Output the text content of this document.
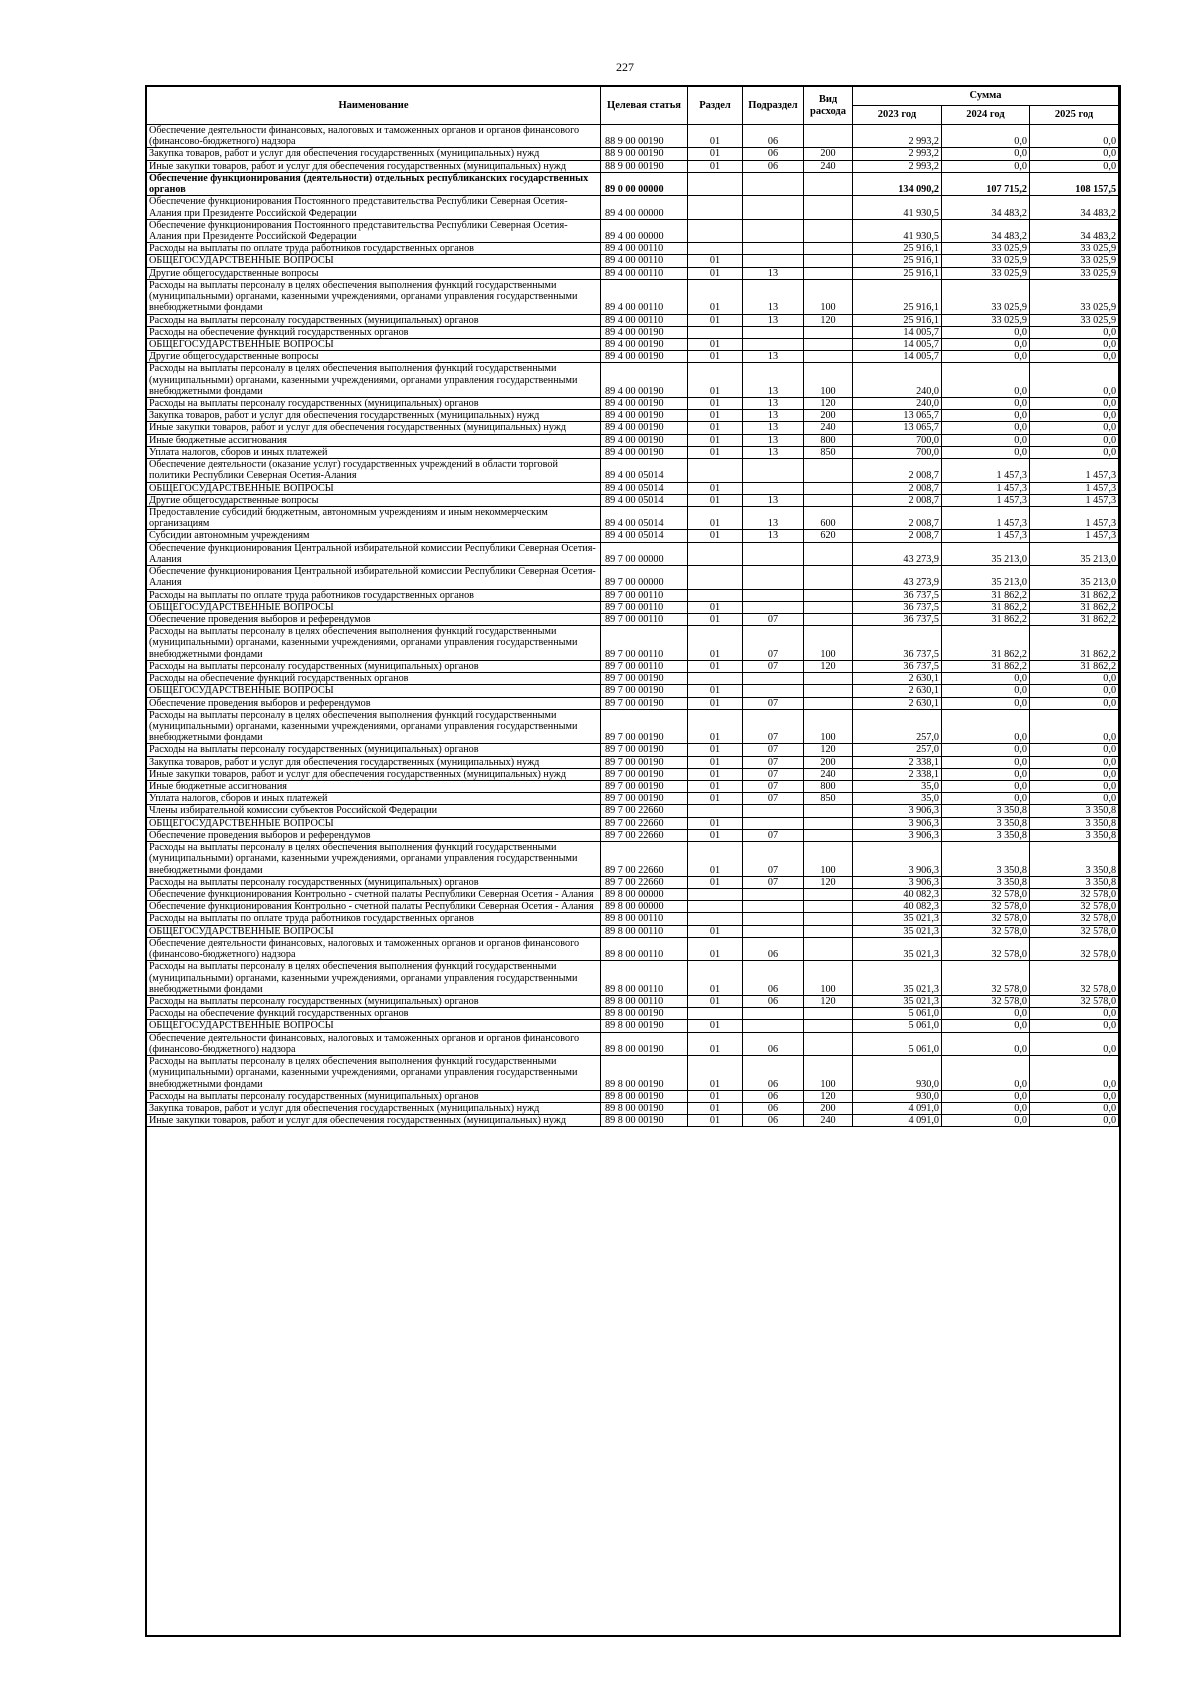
227
Наименование	Целевая статья	Раздел	Подраздел	Вид расхода	Сумма		
					2023 год	2024 год	2025 год
Обеспечение деятельности финансовых, налоговых и таможенных органов и органов финансового (финансово-бюджетного) надзора	88 9 00 00190	01	06		2 993,2	0,0	0,0
Закупка товаров, работ и услуг для обеспечения государственных (муниципальных) нужд	88 9 00 00190	01	06	200	2 993,2	0,0	0,0
Иные закупки товаров, работ и услуг для обеспечения государственных (муниципальных) нужд	88 9 00 00190	01	06	240	2 993,2	0,0	0,0
Обеспечение функционирования (деятельности) отдельных республиканских государственных органов	89 0 00 00000				134 090,2	107 715,2	108 157,5
Обеспечение функционирования Постоянного представительства Республики Северная Осетия-Алания при Президенте Российской Федерации	89 4 00 00000				41 930,5	34 483,2	34 483,2
Обеспечение функционирования Постоянного представительства Республики Северная Осетия-Алания при Президенте Российской Федерации	89 4 00 00000				41 930,5	34 483,2	34 483,2
Расходы на выплаты по оплате труда работников государственных органов	89 4 00 00110				25 916,1	33 025,9	33 025,9
ОБЩЕГОСУДАРСТВЕННЫЕ ВОПРОСЫ	89 4 00 00110	01			25 916,1	33 025,9	33 025,9
Другие общегосударственные вопросы	89 4 00 00110	01	13		25 916,1	33 025,9	33 025,9
Расходы на выплаты персоналу в целях обеспечения выполнения функций государственными (муниципальными) органами, казенными учреждениями, органами управления государственными внебюджетными фондами	89 4 00 00110	01	13	100	25 916,1	33 025,9	33 025,9
Расходы на выплаты персоналу государственных (муниципальных) органов	89 4 00 00110	01	13	120	25 916,1	33 025,9	33 025,9
Расходы на обеспечение функций государственных органов	89 4 00 00190				14 005,7	0,0	0,0
ОБЩЕГОСУДАРСТВЕННЫЕ ВОПРОСЫ	89 4 00 00190	01			14 005,7	0,0	0,0
Другие общегосударственные вопросы	89 4 00 00190	01	13		14 005,7	0,0	0,0
Расходы на выплаты персоналу в целях обеспечения выполнения функций государственными (муниципальными) органами, казенными учреждениями, органами управления государственными внебюджетными фондами	89 4 00 00190	01	13	100	240,0	0,0	0,0
Расходы на выплаты персоналу государственных (муниципальных) органов	89 4 00 00190	01	13	120	240,0	0,0	0,0
Закупка товаров, работ и услуг для обеспечения государственных (муниципальных) нужд	89 4 00 00190	01	13	200	13 065,7	0,0	0,0
Иные закупки товаров, работ и услуг для обеспечения государственных (муниципальных) нужд	89 4 00 00190	01	13	240	13 065,7	0,0	0,0
Иные бюджетные ассигнования	89 4 00 00190	01	13	800	700,0	0,0	0,0
Уплата налогов, сборов и иных платежей	89 4 00 00190	01	13	850	700,0	0,0	0,0
Обеспечение деятельности (оказание услуг) государственных учреждений в области торговой политики Республики Северная Осетия-Алания	89 4 00 05014				2 008,7	1 457,3	1 457,3
ОБЩЕГОСУДАРСТВЕННЫЕ ВОПРОСЫ	89 4 00 05014	01			2 008,7	1 457,3	1 457,3
Другие общегосударственные вопросы	89 4 00 05014	01	13		2 008,7	1 457,3	1 457,3
Предоставление субсидий бюджетным, автономным учреждениям и иным некоммерческим организациям	89 4 00 05014	01	13	600	2 008,7	1 457,3	1 457,3
Субсидии автономным учреждениям	89 4 00 05014	01	13	620	2 008,7	1 457,3	1 457,3
Обеспечение функционирования Центральной избирательной комиссии Республики Северная Осетия-Алания	89 7 00 00000				43 273,9	35 213,0	35 213,0
Обеспечение функционирования Центральной избирательной комиссии Республики Северная Осетия-Алания	89 7 00 00000				43 273,9	35 213,0	35 213,0
Расходы на выплаты по оплате труда работников государственных органов	89 7 00 00110				36 737,5	31 862,2	31 862,2
ОБЩЕГОСУДАРСТВЕННЫЕ ВОПРОСЫ	89 7 00 00110	01			36 737,5	31 862,2	31 862,2
Обеспечение проведения выборов и референдумов	89 7 00 00110	01	07		36 737,5	31 862,2	31 862,2
Расходы на выплаты персоналу в целях обеспечения выполнения функций государственными (муниципальными) органами, казенными учреждениями, органами управления государственными внебюджетными фондами	89 7 00 00110	01	07	100	36 737,5	31 862,2	31 862,2
Расходы на выплаты персоналу государственных (муниципальных) органов	89 7 00 00110	01	07	120	36 737,5	31 862,2	31 862,2
Расходы на обеспечение функций государственных органов	89 7 00 00190				2 630,1	0,0	0,0
ОБЩЕГОСУДАРСТВЕННЫЕ ВОПРОСЫ	89 7 00 00190	01			2 630,1	0,0	0,0
Обеспечение проведения выборов и референдумов	89 7 00 00190	01	07		2 630,1	0,0	0,0
Расходы на выплаты персоналу в целях обеспечения выполнения функций государственными (муниципальными) органами, казенными учреждениями, органами управления государственными внебюджетными фондами	89 7 00 00190	01	07	100	257,0	0,0	0,0
Расходы на выплаты персоналу государственных (муниципальных) органов	89 7 00 00190	01	07	120	257,0	0,0	0,0
Закупка товаров, работ и услуг для обеспечения государственных (муниципальных) нужд	89 7 00 00190	01	07	200	2 338,1	0,0	0,0
Иные закупки товаров, работ и услуг для обеспечения государственных (муниципальных) нужд	89 7 00 00190	01	07	240	2 338,1	0,0	0,0
Иные бюджетные ассигнования	89 7 00 00190	01	07	800	35,0	0,0	0,0
Уплата налогов, сборов и иных платежей	89 7 00 00190	01	07	850	35,0	0,0	0,0
Члены избирательной комиссии субъектов Российской Федерации	89 7 00 22660				3 906,3	3 350,8	3 350,8
ОБЩЕГОСУДАРСТВЕННЫЕ ВОПРОСЫ	89 7 00 22660	01			3 906,3	3 350,8	3 350,8
Обеспечение проведения выборов и референдумов	89 7 00 22660	01	07		3 906,3	3 350,8	3 350,8
Расходы на выплаты персоналу в целях обеспечения выполнения функций государственными (муниципальными) органами, казенными учреждениями, органами управления государственными внебюджетными фондами	89 7 00 22660	01	07	100	3 906,3	3 350,8	3 350,8
Расходы на выплаты персоналу государственных (муниципальных) органов	89 7 00 22660	01	07	120	3 906,3	3 350,8	3 350,8
Обеспечение функционирования Контрольно - счетной палаты Республики Северная Осетия - Алания	89 8 00 00000				40 082,3	32 578,0	32 578,0
Обеспечение функционирования Контрольно - счетной палаты Республики Северная Осетия - Алания	89 8 00 00000				40 082,3	32 578,0	32 578,0
Расходы на выплаты по оплате труда работников государственных органов	89 8 00 00110				35 021,3	32 578,0	32 578,0
ОБЩЕГОСУДАРСТВЕННЫЕ ВОПРОСЫ	89 8 00 00110	01			35 021,3	32 578,0	32 578,0
Обеспечение деятельности финансовых, налоговых и таможенных органов и органов финансового (финансово-бюджетного) надзора	89 8 00 00110	01	06		35 021,3	32 578,0	32 578,0
Расходы на выплаты персоналу в целях обеспечения выполнения функций государственными (муниципальными) органами, казенными учреждениями, органами управления государственными внебюджетными фондами	89 8 00 00110	01	06	100	35 021,3	32 578,0	32 578,0
Расходы на выплаты персоналу государственных (муниципальных) органов	89 8 00 00110	01	06	120	35 021,3	32 578,0	32 578,0
Расходы на обеспечение функций государственных органов	89 8 00 00190				5 061,0	0,0	0,0
ОБЩЕГОСУДАРСТВЕННЫЕ ВОПРОСЫ	89 8 00 00190	01			5 061,0	0,0	0,0
Обеспечение деятельности финансовых, налоговых и таможенных органов и органов финансового (финансово-бюджетного) надзора	89 8 00 00190	01	06		5 061,0	0,0	0,0
Расходы на выплаты персоналу в целях обеспечения выполнения функций государственными (муниципальными) органами, казенными учреждениями, органами управления государственными внебюджетными фондами	89 8 00 00190	01	06	100	930,0	0,0	0,0
Расходы на выплаты персоналу государственных (муниципальных) органов	89 8 00 00190	01	06	120	930,0	0,0	0,0
Закупка товаров, работ и услуг для обеспечения государственных (муниципальных) нужд	89 8 00 00190	01	06	200	4 091,0	0,0	0,0
Иные закупки товаров, работ и услуг для обеспечения государственных (муниципальных) нужд	89 8 00 00190	01	06	240	4 091,0	0,0	0,0
